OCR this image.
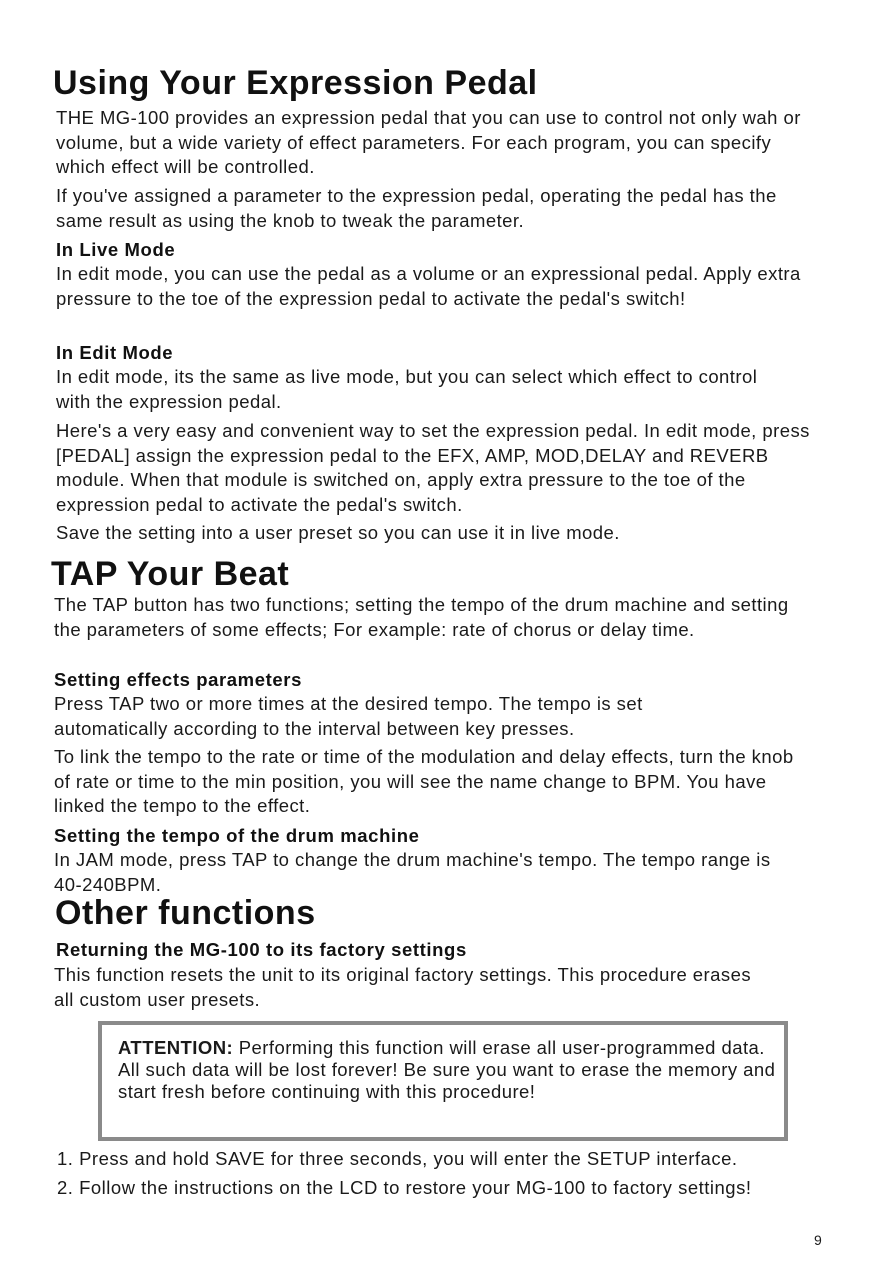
Using Your Expression Pedal

THE MG-100 provides an expression pedal that you can use to control not only wah or volume, but a wide variety of effect parameters. For each program, you can specify which effect will be controlled.

If you've assigned a parameter to the expression pedal, operating the pedal has the same result as using the knob to tweak the parameter.

In Live Mode

In edit mode, you can use the pedal as a volume or an expressional pedal. Apply extra pressure to the toe of the expression pedal to activate the pedal's switch!

In Edit Mode

In edit mode, its the same as live mode, but you can select which effect to control with the expression pedal.

Here's a very easy and convenient way to set the expression pedal. In edit mode, press [PEDAL] assign the expression pedal to the EFX, AMP, MOD,DELAY and REVERB module. When that module is switched on, apply extra pressure to the toe of the expression pedal to activate the pedal's switch.

Save the setting into a user preset so you can use it in live mode.

TAP Your Beat

The TAP button has two functions; setting the tempo of the drum machine and setting the parameters of some effects; For example: rate of chorus or delay time.

Setting effects parameters

Press TAP two or more times at the desired tempo. The tempo is set automatically according to the interval between key presses.

To link the tempo to the rate or time of the modulation and delay effects, turn the knob of rate or time to the min position, you will see the name change to BPM. You have linked the tempo to the effect.

Setting the tempo of the drum machine

In JAM mode, press TAP to change the drum machine's tempo. The tempo range is 40-240BPM.

Other functions
Returning the MG-100 to its factory settings

This function resets the unit to its original factory settings. This procedure erases all custom user presets.

ATTENTION: Performing this function will erase all user-programmed data. All such data will be lost forever! Be sure you want to erase the memory and start fresh before continuing with this procedure!

1. Press and hold SAVE for three seconds, you will enter the SETUP interface.

2. Follow the instructions on the LCD to restore your MG-100 to factory settings!

9
